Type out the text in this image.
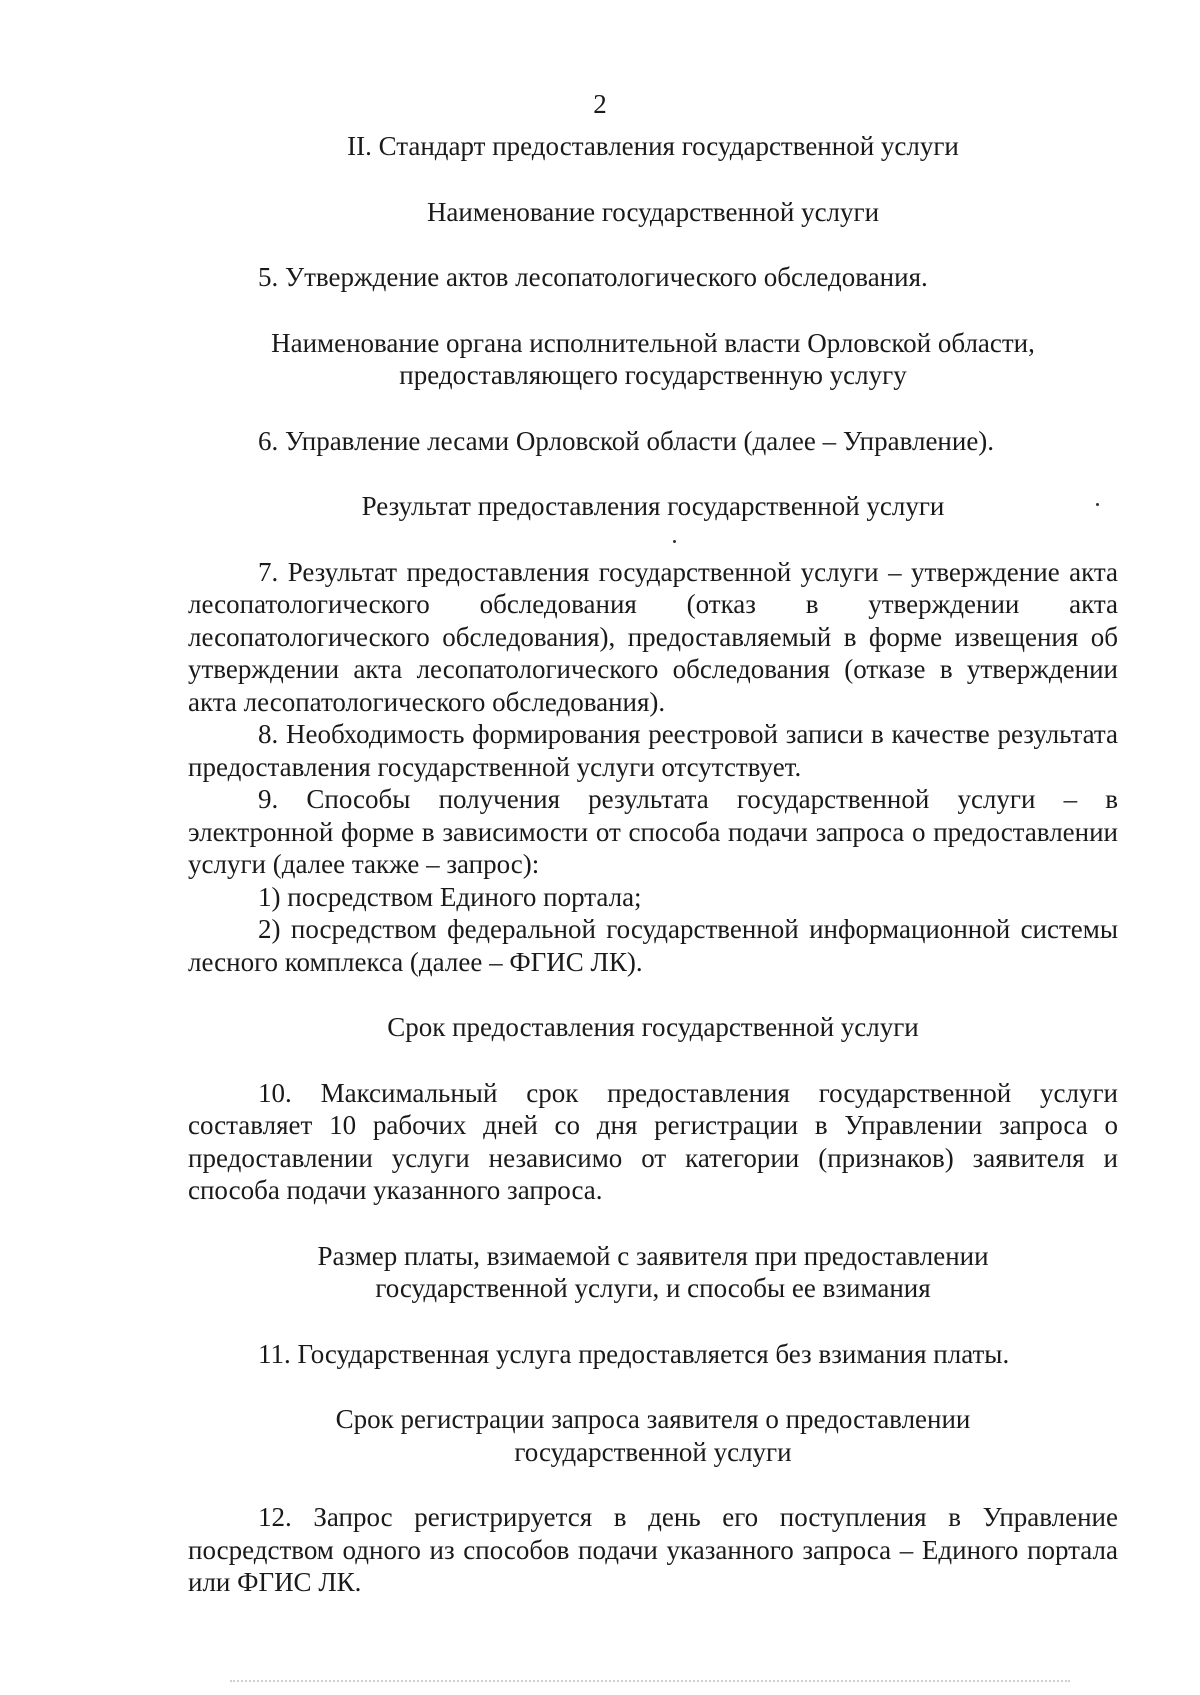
2

II. Стандарт предоставления государственной услуги

Наименование государственной услуги

5. Утверждение актов лесопатологического обследования.

Наименование органа исполнительной власти Орловской области,

предоставляющего государственную услугу

6. Управление лесами Орловской области (далее – Управление).

Результат предоставления государственной услуги

7. Результат предоставления государственной услуги – утверждение акта лесопатологического обследования (отказ в утверждении акта лесопатологического обследования), предоставляемый в форме извещения об утверждении акта лесопатологического обследования (отказе в утверждении акта лесопатологического обследования).

8. Необходимость формирования реестровой записи в качестве результата предоставления государственной услуги отсутствует.

9. Способы получения результата государственной услуги – в электронной форме в зависимости от способа подачи запроса о предоставлении услуги (далее также – запрос):

1) посредством Единого портала;

2) посредством федеральной государственной информационной системы лесного комплекса (далее – ФГИС ЛК).

Срок предоставления государственной услуги

10. Максимальный срок предоставления государственной услуги составляет 10 рабочих дней со дня регистрации в Управлении запроса о предоставлении услуги независимо от категории (признаков) заявителя и способа подачи указанного запроса.

Размер платы, взимаемой с заявителя при предоставлении

государственной услуги, и способы ее взимания

11. Государственная услуга предоставляется без взимания платы.

Срок регистрации запроса заявителя о предоставлении

государственной услуги

12. Запрос регистрируется в день его поступления в Управление посредством одного из способов подачи указанного запроса – Единого портала или ФГИС ЛК.
